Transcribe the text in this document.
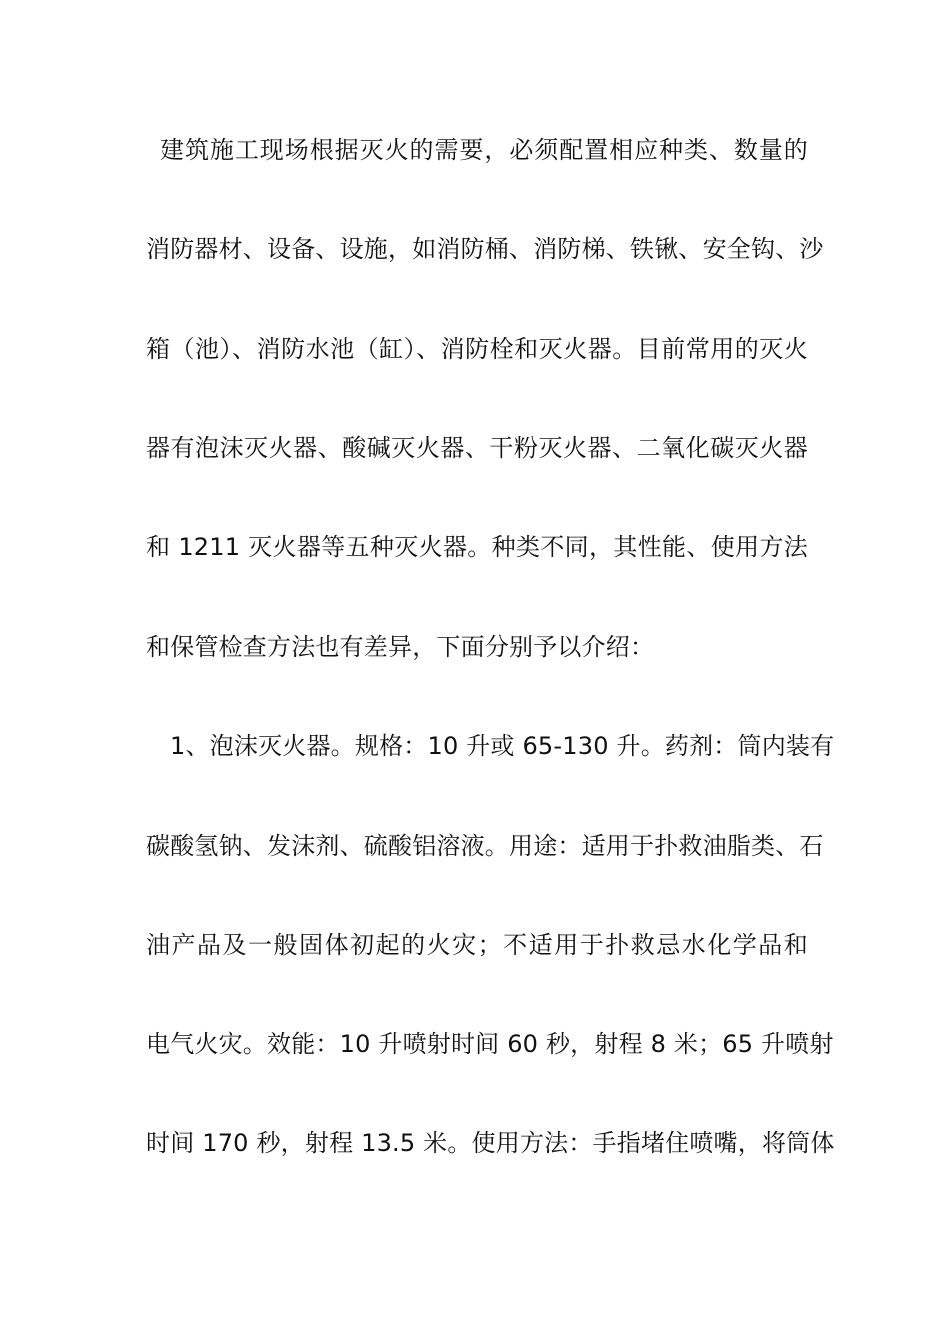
建筑施工现场根据灭火的需要，必须配置相应种类、数量的
消防器材、设备、设施，如消防桶、消防梯、铁锹、安全钩、沙
箱（池）、消防水池（缸）、消防栓和灭火器。目前常用的灭火
器有泡沫灭火器、酸碱灭火器、干粉灭火器、二氧化碳灭火器
和 1211 灭火器等五种灭火器。种类不同，其性能、使用方法
和保管检查方法也有差异，下面分别予以介绍：
1、泡沫灭火器。规格：10 升或 65-130 升。药剂：筒内装有
碳酸氢钠、发沫剂、硫酸铝溶液。用途：适用于扑救油脂类、石
油产品及一般固体初起的火灾；不适用于扑救忌水化学品和
电气火灾。效能：10 升喷射时间 60 秒，射程 8 米；65 升喷射
时间 170 秒，射程 13.5 米。使用方法：手指堵住喷嘴，将筒体
